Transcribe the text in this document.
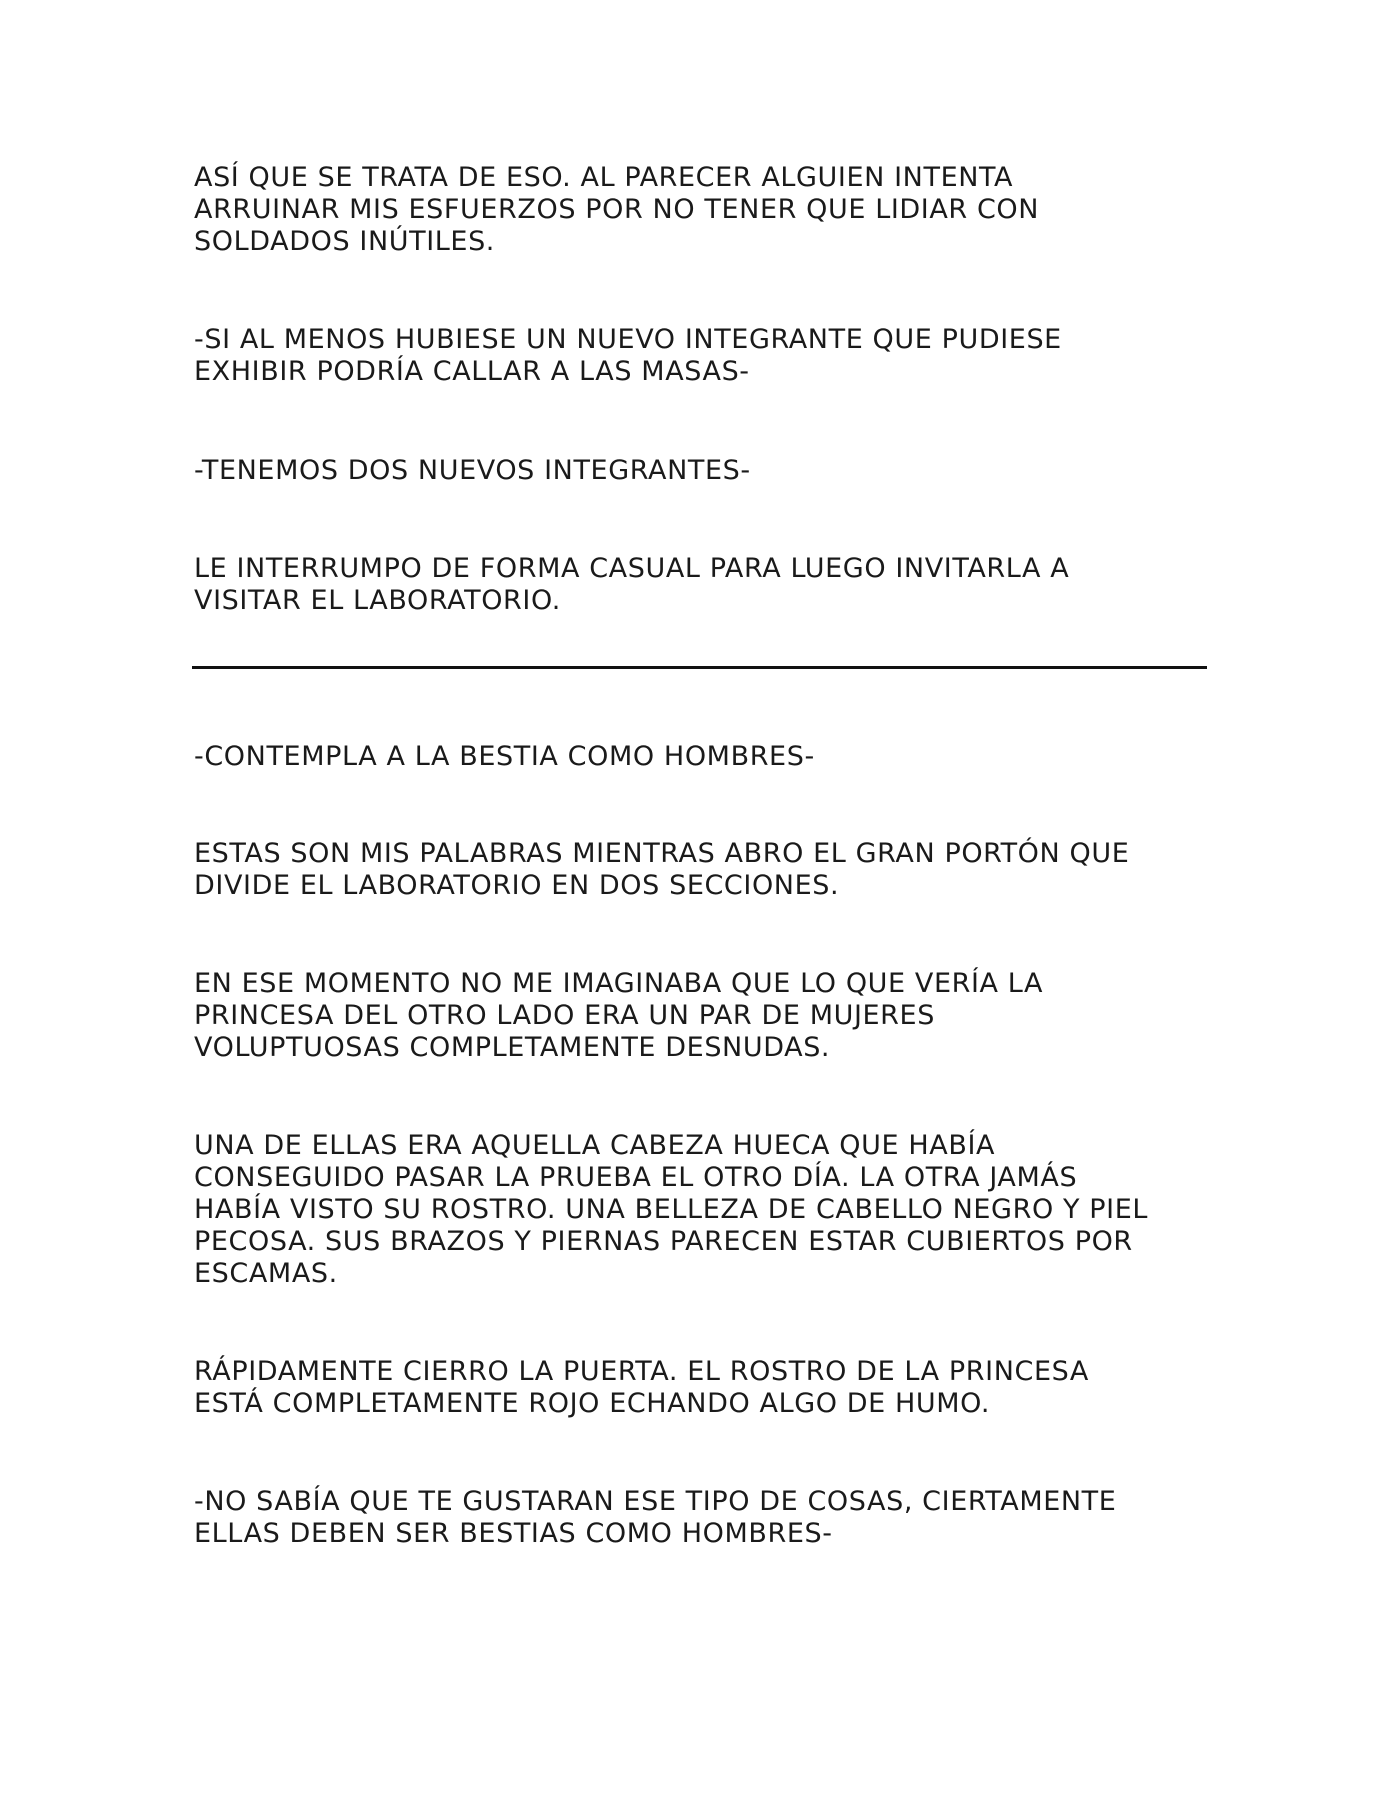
ASÍ QUE SE TRATA DE ESO. AL PARECER ALGUIEN INTENTA
ARRUINAR MIS ESFUERZOS POR NO TENER QUE LIDIAR CON
SOLDADOS INÚTILES.

-SI AL MENOS HUBIESE UN NUEVO INTEGRANTE QUE PUDIESE
EXHIBIR PODRÍA CALLAR A LAS MASAS-

-TENEMOS DOS NUEVOS INTEGRANTES-

LE INTERRUMPO DE FORMA CASUAL PARA LUEGO INVITARLA A
VISITAR EL LABORATORIO.

-CONTEMPLA A LA BESTIA COMO HOMBRES-

ESTAS SON MIS PALABRAS MIENTRAS ABRO EL GRAN PORTÓN QUE
DIVIDE EL LABORATORIO EN DOS SECCIONES.

EN ESE MOMENTO NO ME IMAGINABA QUE LO QUE VERÍA LA
PRINCESA DEL OTRO LADO ERA UN PAR DE MUJERES
VOLUPTUOSAS COMPLETAMENTE DESNUDAS.

UNA DE ELLAS ERA AQUELLA CABEZA HUECA QUE HABÍA
CONSEGUIDO PASAR LA PRUEBA EL OTRO DÍA. LA OTRA JAMÁS
HABÍA VISTO SU ROSTRO. UNA BELLEZA DE CABELLO NEGRO Y PIEL
PECOSA. SUS BRAZOS Y PIERNAS PARECEN ESTAR CUBIERTOS POR
ESCAMAS.

RÁPIDAMENTE CIERRO LA PUERTA. EL ROSTRO DE LA PRINCESA
ESTÁ COMPLETAMENTE ROJO ECHANDO ALGO DE HUMO.

-NO SABÍA QUE TE GUSTARAN ESE TIPO DE COSAS, CIERTAMENTE
ELLAS DEBEN SER BESTIAS COMO HOMBRES-
